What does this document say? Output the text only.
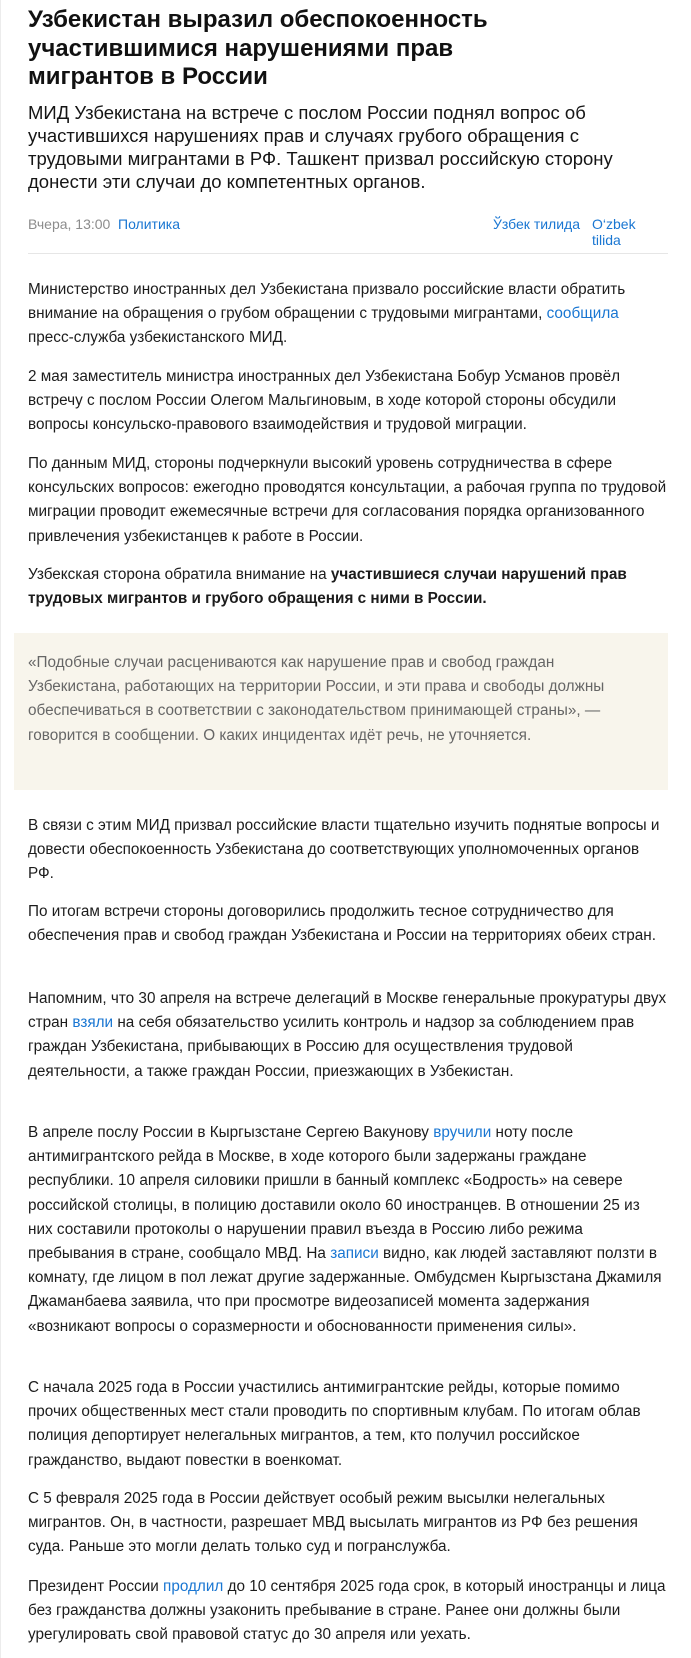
Узбекистан выразил обеспокоенность участившимися нарушениями прав мигрантов в России

МИД Узбекистана на встрече с послом России поднял вопрос об участившихся нарушениях прав и случаях грубого обращения с трудовыми мигрантами в РФ. Ташкент призвал российскую сторону донести эти случаи до компетентных органов.

Вчера, 13:00 Политика	Ўзбек тилида O‘zbek tilida

Министерство иностранных дел Узбекистана призвало российские власти обратить внимание на обращения о грубом обращении с трудовыми мигрантами, сообщила пресс-служба узбекистанского МИД.

2 мая заместитель министра иностранных дел Узбекистана Бобур Усманов провёл встречу с послом России Олегом Мальгиновым, в ходе которой стороны обсудили вопросы консульско-правового взаимодействия и трудовой миграции.

По данным МИД, стороны подчеркнули высокий уровень сотрудничества в сфере консульских вопросов: ежегодно проводятся консультации, а рабочая группа по трудовой миграции проводит ежемесячные встречи для согласования порядка организованного привлечения узбекистанцев к работе в России.

Узбекская сторона обратила внимание на участившиеся случаи нарушений прав трудовых мигрантов и грубого обращения с ними в России.

«Подобные случаи расцениваются как нарушение прав и свобод граждан Узбекистана, работающих на территории России, и эти права и свободы должны обеспечиваться в соответствии с законодательством принимающей страны», — говорится в сообщении. О каких инцидентах идёт речь, не уточняется.

В связи с этим МИД призвал российские власти тщательно изучить поднятые вопросы и довести обеспокоенность Узбекистана до соответствующих уполномоченных органов РФ.

По итогам встречи стороны договорились продолжить тесное сотрудничество для обеспечения прав и свобод граждан Узбекистана и России на территориях обеих стран.

Напомним, что 30 апреля на встрече делегаций в Москве генеральные прокуратуры двух стран взяли на себя обязательство усилить контроль и надзор за соблюдением прав граждан Узбекистана, прибывающих в Россию для осуществления трудовой деятельности, а также граждан России, приезжающих в Узбекистан.

В апреле послу России в Кыргызстане Сергею Вакунову вручили ноту после антимигрантского рейда в Москве, в ходе которого были задержаны граждане республики. 10 апреля силовики пришли в банный комплекс «Бодрость» на севере российской столицы, в полицию доставили около 60 иностранцев. В отношении 25 из них составили протоколы о нарушении правил въезда в Россию либо режима пребывания в стране, сообщало МВД. На записи видно, как людей заставляют ползти в комнату, где лицом в пол лежат другие задержанные. Омбудсмен Кыргызстана Джамиля Джаманбаева заявила, что при просмотре видеозаписей момента задержания «возникают вопросы о соразмерности и обоснованности применения силы».

С начала 2025 года в России участились антимигрантские рейды, которые помимо прочих общественных мест стали проводить по спортивным клубам. По итогам облав полиция депортирует нелегальных мигрантов, а тем, кто получил российское гражданство, выдают повестки в военкомат.

С 5 февраля 2025 года в России действует особый режим высылки нелегальных мигрантов. Он, в частности, разрешает МВД высылать мигрантов из РФ без решения суда. Раньше это могли делать только суд и погранслужба.

Президент России продлил до 10 сентября 2025 года срок, в который иностранцы и лица без гражданства должны узаконить пребывание в стране. Ранее они должны были урегулировать свой правовой статус до 30 апреля или уехать.
